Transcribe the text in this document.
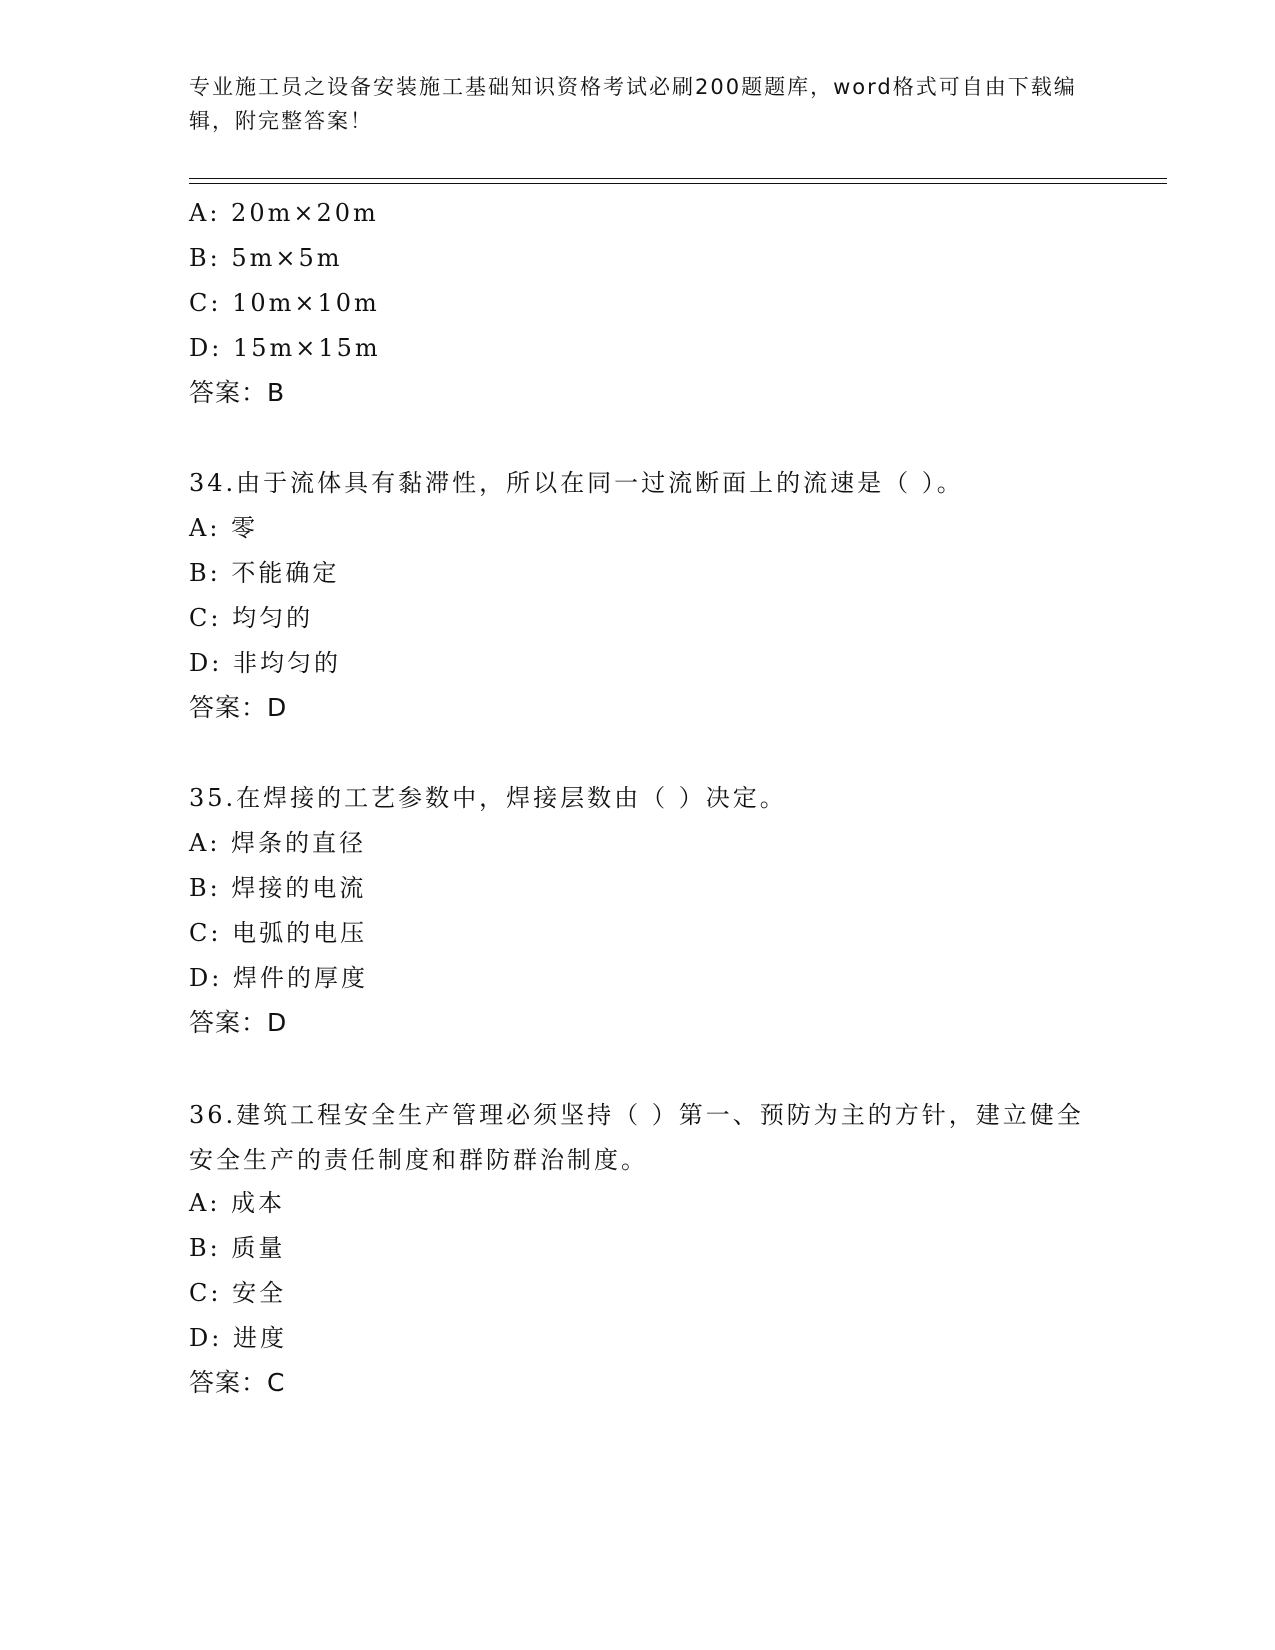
专业施工员之设备安装施工基础知识资格考试必刷200题题库，word格式可自由下载编辑，附完整答案！
A: 20m×20m
B: 5m×5m
C: 10m×10m
D: 15m×15m
答案：B
34.由于流体具有黏滞性，所以在同一过流断面上的流速是（ ）。
A: 零
B: 不能确定
C: 均匀的
D: 非均匀的
答案：D
35.在焊接的工艺参数中，焊接层数由（ ）决定。
A: 焊条的直径
B: 焊接的电流
C: 电弧的电压
D: 焊件的厚度
答案：D
36.建筑工程安全生产管理必须坚持（ ）第一、预防为主的方针，建立健全安全生产的责任制度和群防群治制度。
A: 成本
B: 质量
C: 安全
D: 进度
答案：C
